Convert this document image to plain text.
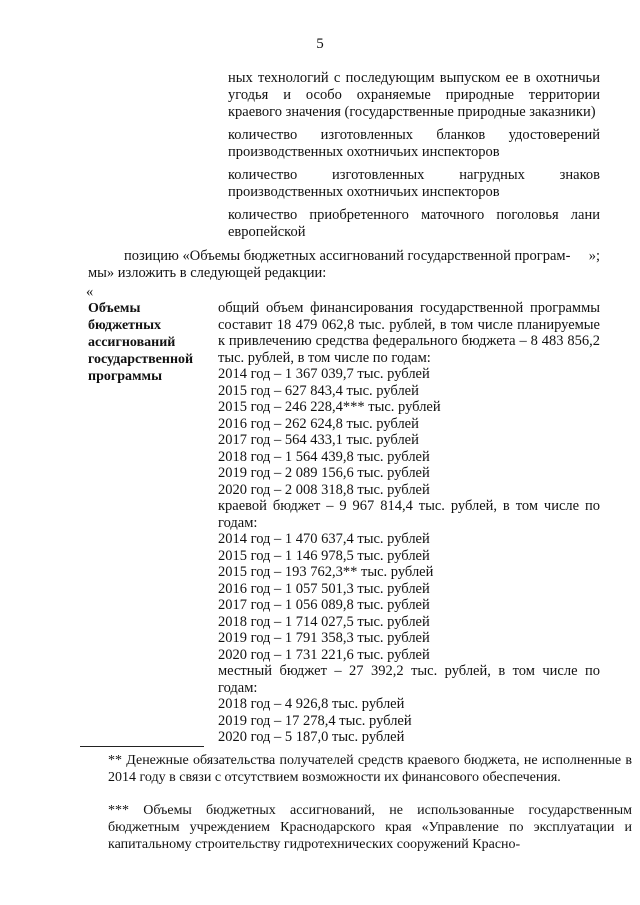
5
ных технологий с последующим выпуском ее в охотничьи угодья и особо охраняемые природные территории краевого значения (государственные природные заказники)
количество изготовленных бланков удостоверений производственных охотничьих инспекторов
количество изготовленных нагрудных знаков производственных охотничьих инспекторов
количество приобретенного маточного поголовья лани европейской
позицию «Объемы бюджетных ассигнований государственной програм-	»;
мы» изложить в следующей редакции:
«
Объемы бюджетных ассигнований государственной программы
общий объем финансирования государственной программы составит 18 479 062,8 тыс. рублей, в том числе планируемые к привлечению средства федерального бюджета – 8 483 856,2 тыс. рублей, в том числе по годам:
2014 год – 1 367 039,7 тыс. рублей
2015 год – 627 843,4 тыс. рублей
2015 год – 246 228,4*** тыс. рублей
2016 год – 262 624,8 тыс. рублей
2017 год – 564 433,1 тыс. рублей
2018 год – 1 564 439,8 тыс. рублей
2019 год – 2 089 156,6 тыс. рублей
2020 год – 2 008 318,8 тыс. рублей
краевой бюджет – 9 967 814,4 тыс. рублей, в том числе по годам:
2014 год – 1 470 637,4 тыс. рублей
2015 год – 1 146 978,5 тыс. рублей
2015 год – 193 762,3** тыс. рублей
2016 год – 1 057 501,3 тыс. рублей
2017 год – 1 056 089,8 тыс. рублей
2018 год – 1 714 027,5 тыс. рублей
2019 год – 1 791 358,3 тыс. рублей
2020 год – 1 731 221,6 тыс. рублей
местный бюджет – 27 392,2 тыс. рублей, в том числе по годам:
2018 год – 4 926,8 тыс. рублей
2019 год – 17 278,4 тыс. рублей
2020 год – 5 187,0 тыс. рублей
** Денежные обязательства получателей средств краевого бюджета, не исполненные в 2014 году в связи с отсутствием возможности их финансового обеспечения.
*** Объемы бюджетных ассигнований, не использованные государственным бюджетным учреждением Краснодарского края «Управление по эксплуатации и капитальному строительству гидротехнических сооружений Красно-
